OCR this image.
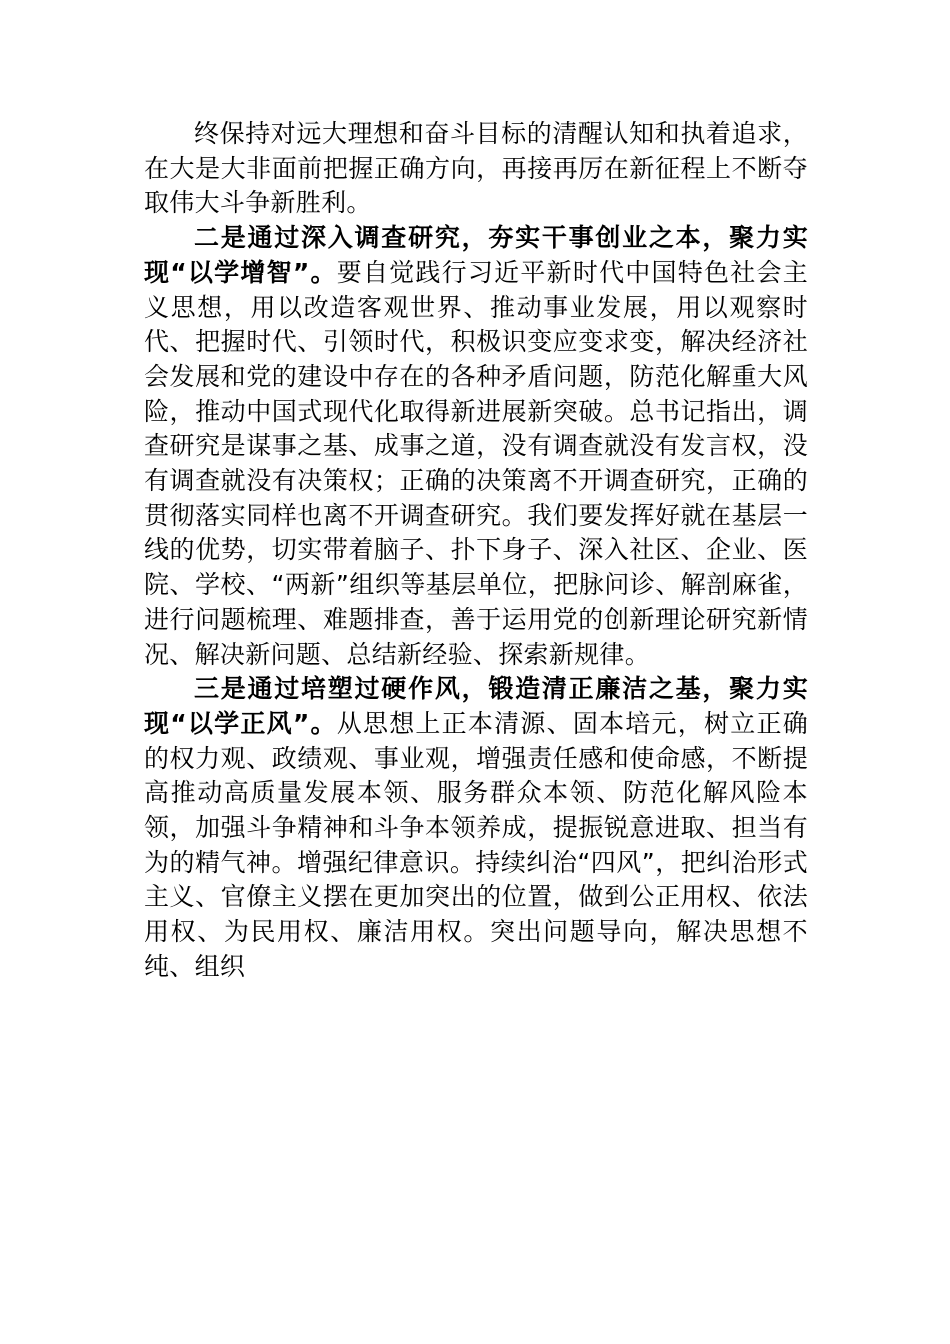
终保持对远大理想和奋斗目标的清醒认知和执着追求，在大是大非面前把握正确方向，再接再厉在新征程上不断夺取伟大斗争新胜利。

二是通过深入调查研究，夯实干事创业之本，聚力实现“以学增智”。要自觉践行习近平新时代中国特色社会主义思想，用以改造客观世界、推动事业发展，用以观察时代、把握时代、引领时代，积极识变应变求变，解决经济社会发展和党的建设中存在的各种矛盾问题，防范化解重大风险，推动中国式现代化取得新进展新突破。总书记指出，调查研究是谋事之基、成事之道，没有调查就没有发言权，没有调查就没有决策权；正确的决策离不开调查研究，正确的贯彻落实同样也离不开调查研究。我们要发挥好就在基层一线的优势，切实带着脑子、扑下身子、深入社区、企业、医院、学校、“两新”组织等基层单位，把脉问诊、解剖麻雀，进行问题梳理、难题排查，善于运用党的创新理论研究新情况、解决新问题、总结新经验、探索新规律。

三是通过培塑过硬作风，锻造清正廉洁之基，聚力实现“以学正风”。从思想上正本清源、固本培元，树立正确的权力观、政绩观、事业观，增强责任感和使命感，不断提高推动高质量发展本领、服务群众本领、防范化解风险本领，加强斗争精神和斗争本领养成，提振锐意进取、担当有为的精气神。增强纪律意识。持续纠治“四风”，把纠治形式主义、官僚主义摆在更加突出的位置，做到公正用权、依法用权、为民用权、廉洁用权。突出问题导向，解决思想不纯、组织
